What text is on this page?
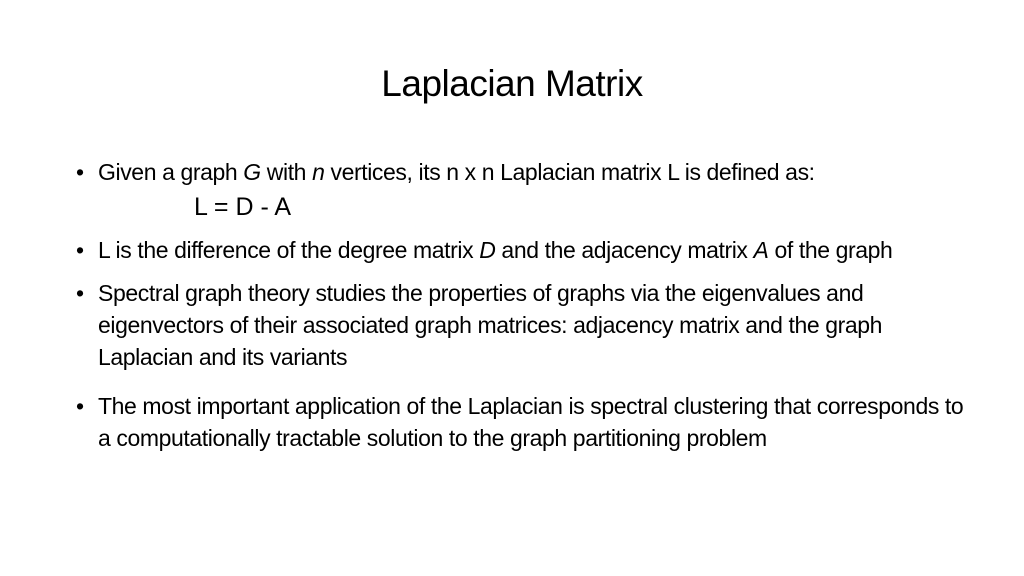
Laplacian Matrix
• Given a graph G with n vertices, its n x n Laplacian matrix L is defined as:
L = D - A
• L is the difference of the degree matrix D and the adjacency matrix A of the graph
• Spectral graph theory studies the properties of graphs via the eigenvalues and eigenvectors of their associated graph matrices: adjacency matrix and the graph Laplacian and its variants
• The most important application of the Laplacian is spectral clustering that corresponds to a computationally tractable solution to the graph partitioning problem
